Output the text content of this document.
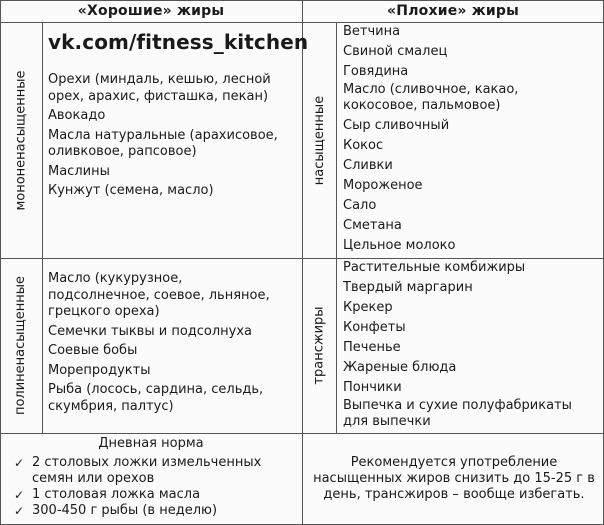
«Хорошие» жиры	«Плохие» жиры
мононенасыщенные
полиненасыщенные
насыщенные
трансжиры
vk.com/fitness_kitchen
Орехи (миндаль, кешью, лесной
орех, арахис, фисташка, пекан)
Авокадо
Масла натуральные (арахисовое,
оливковое, рапсовое)
Маслины
Кунжут (семена, масло)
Масло (кукурузное,
подсолнечное, соевое, льняное,
грецкого ореха)
Семечки тыквы и подсолнуха
Соевые бобы
Морепродукты
Рыба (лосось, сардина, сельдь,
скумбрия, палтус)
Ветчина
Свиной смалец
Говядина
Масло (сливочное, какао,
кокосовое, пальмовое)
Сыр сливочный
Кокос
Сливки
Мороженое
Сало
Сметана
Цельное молоко
Растительные комбижиры
Твердый маргарин
Крекер
Конфеты
Печенье
Жареные блюда
Пончики
Выпечка и сухие полуфабрикаты
для выпечки
Дневная норма
✓ 2 столовых ложки измельченных
семян или орехов
✓ 1 столовая ложка масла
✓ 300-450 г рыбы (в неделю)
Рекомендуется употребление
насыщенных жиров снизить до 15-25 г в
день, трансжиров – вообще избегать.
